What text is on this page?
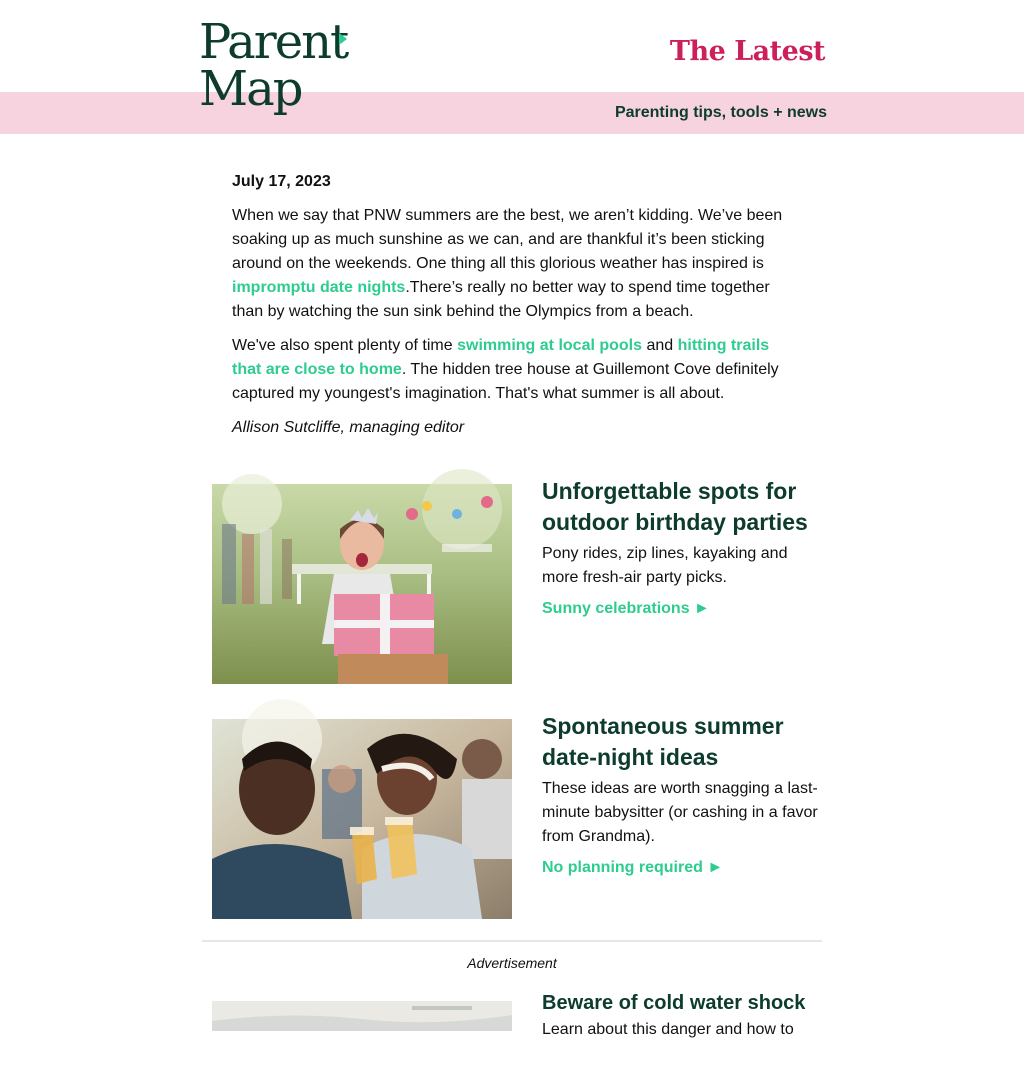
Parent
Map
The Latest
Parenting tips, tools + news
July 17, 2023

When we say that PNW summers are the best, we aren’t kidding. We’ve been soaking up as much sunshine as we can, and are thankful it’s been sticking around on the weekends. One thing all this glorious weather has inspired is impromptu date nights.There’s really no better way to spend time together than by watching the sun sink behind the Olympics from a beach.

We've also spent plenty of time swimming at local pools and hitting trails that are close to home. The hidden tree house at Guillemont Cove definitely captured my youngest's imagination. That's what summer is all about.

Allison Sutcliffe, managing editor

Unforgettable spots for outdoor birthday parties
Pony rides, zip lines, kayaking and more fresh-air party picks.
Sunny celebrations ►
Spontaneous summer date-night ideas
These ideas are worth snagging a last-minute babysitter (or cashing in a favor from Grandma).
No planning required ►
Advertisement
Beware of cold water shock
Learn about this danger and how to
